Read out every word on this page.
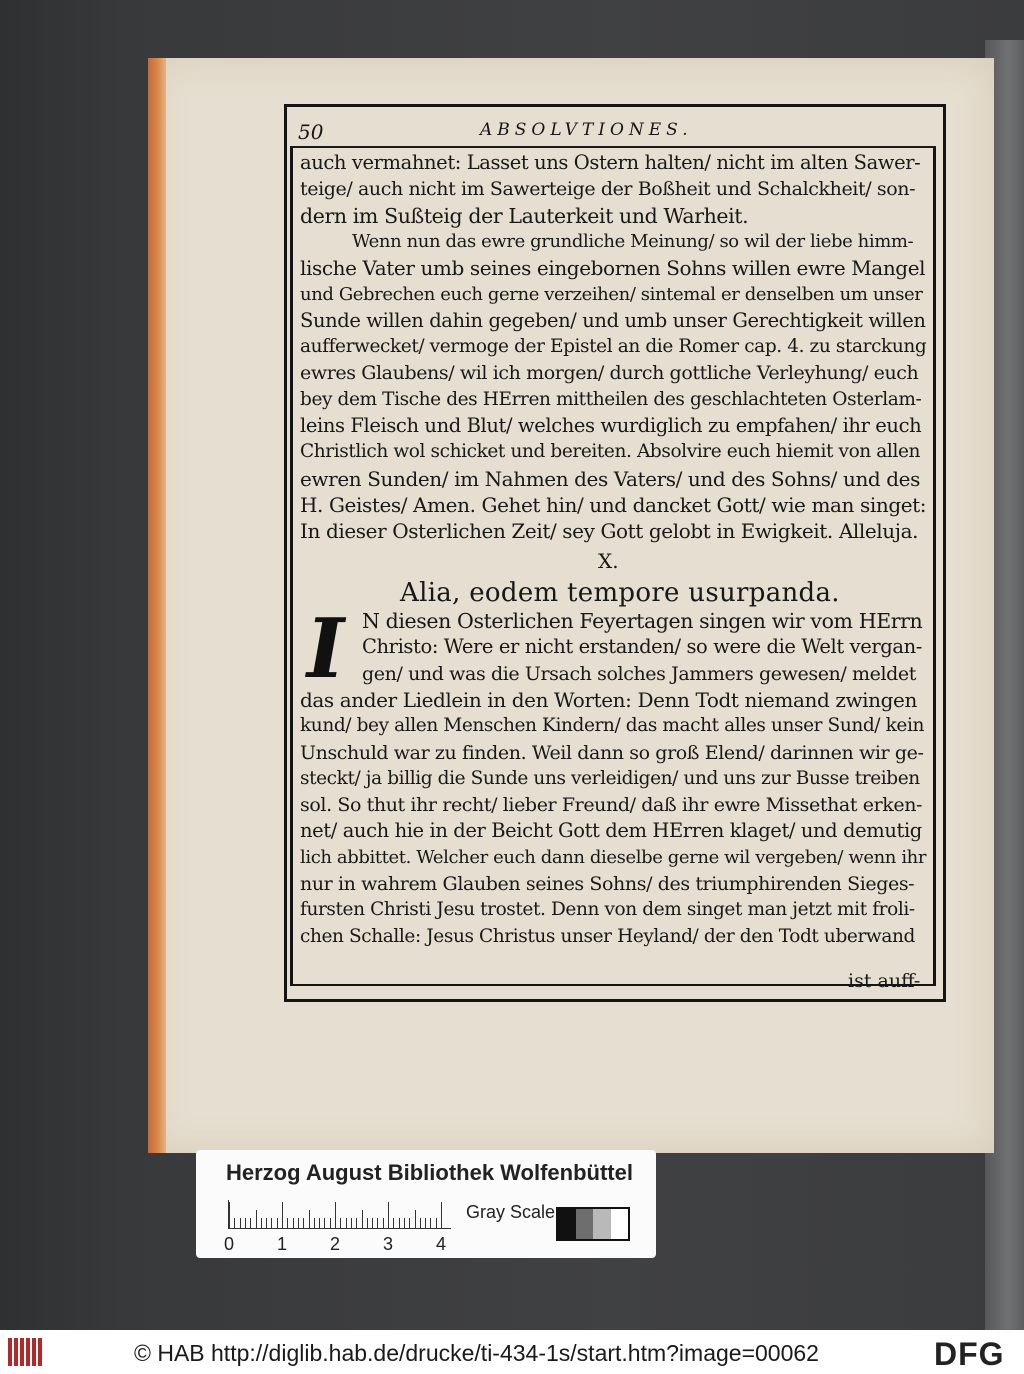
50	ABSOLVTIONES.
auch vermahnet: Lasset uns Ostern halten/ nicht im alten Sawer-
teige/ auch nicht im Sawerteige der Boßheit und Schalckheit/ son-
dern im Sußteig der Lauterkeit und Warheit.
Wenn nun das ewre grundliche Meinung/ so wil der liebe himm-
lische Vater umb seines eingebornen Sohns willen ewre Mangel
und Gebrechen euch gerne verzeihen/ sintemal er denselben um unser
Sunde willen dahin gegeben/ und umb unser Gerechtigkeit willen
aufferwecket/ vermoge der Epistel an die Romer cap. 4. zu starckung
ewres Glaubens/ wil ich morgen/ durch gottliche Verleyhung/ euch
bey dem Tische des HErren mittheilen des geschlachteten Osterlam-
leins Fleisch und Blut/ welches wurdiglich zu empfahen/ ihr euch
Christlich wol schicket und bereiten. Absolvire euch hiemit von allen
ewren Sunden/ im Nahmen des Vaters/ und des Sohns/ und des
H. Geistes/ Amen. Gehet hin/ und dancket Gott/ wie man singet:
In dieser Osterlichen Zeit/ sey Gott gelobt in Ewigkeit. Alleluja.
X.
Alia, eodem tempore usurpanda.
I N diesen Osterlichen Feyertagen singen wir vom HErrn
Christo: Were er nicht erstanden/ so were die Welt vergan-
gen/ und was die Ursach solches Jammers gewesen/ meldet
das ander Liedlein in den Worten: Denn Todt niemand zwingen
kund/ bey allen Menschen Kindern/ das macht alles unser Sund/ kein
Unschuld war zu finden. Weil dann so groß Elend/ darinnen wir ge-
steckt/ ja billig die Sunde uns verleidigen/ und uns zur Busse treiben
sol. So thut ihr recht/ lieber Freund/ daß ihr ewre Missethat erken-
net/ auch hie in der Beicht Gott dem HErren klaget/ und demutig
lich abbittet. Welcher euch dann dieselbe gerne wil vergeben/ wenn ihr
nur in wahrem Glauben seines Sohns/ des triumphirenden Sieges-
fursten Christi Jesu trostet. Denn von dem singet man jetzt mit froli-
chen Schalle: Jesus Christus unser Heyland/ der den Todt uberwand
ist auff-
Herzog August Bibliothek Wolfenbüttel
0 1 2 3 4
Gray Scale
© HAB http://diglib.hab.de/drucke/ti-434-1s/start.htm?image=00062	DFG
